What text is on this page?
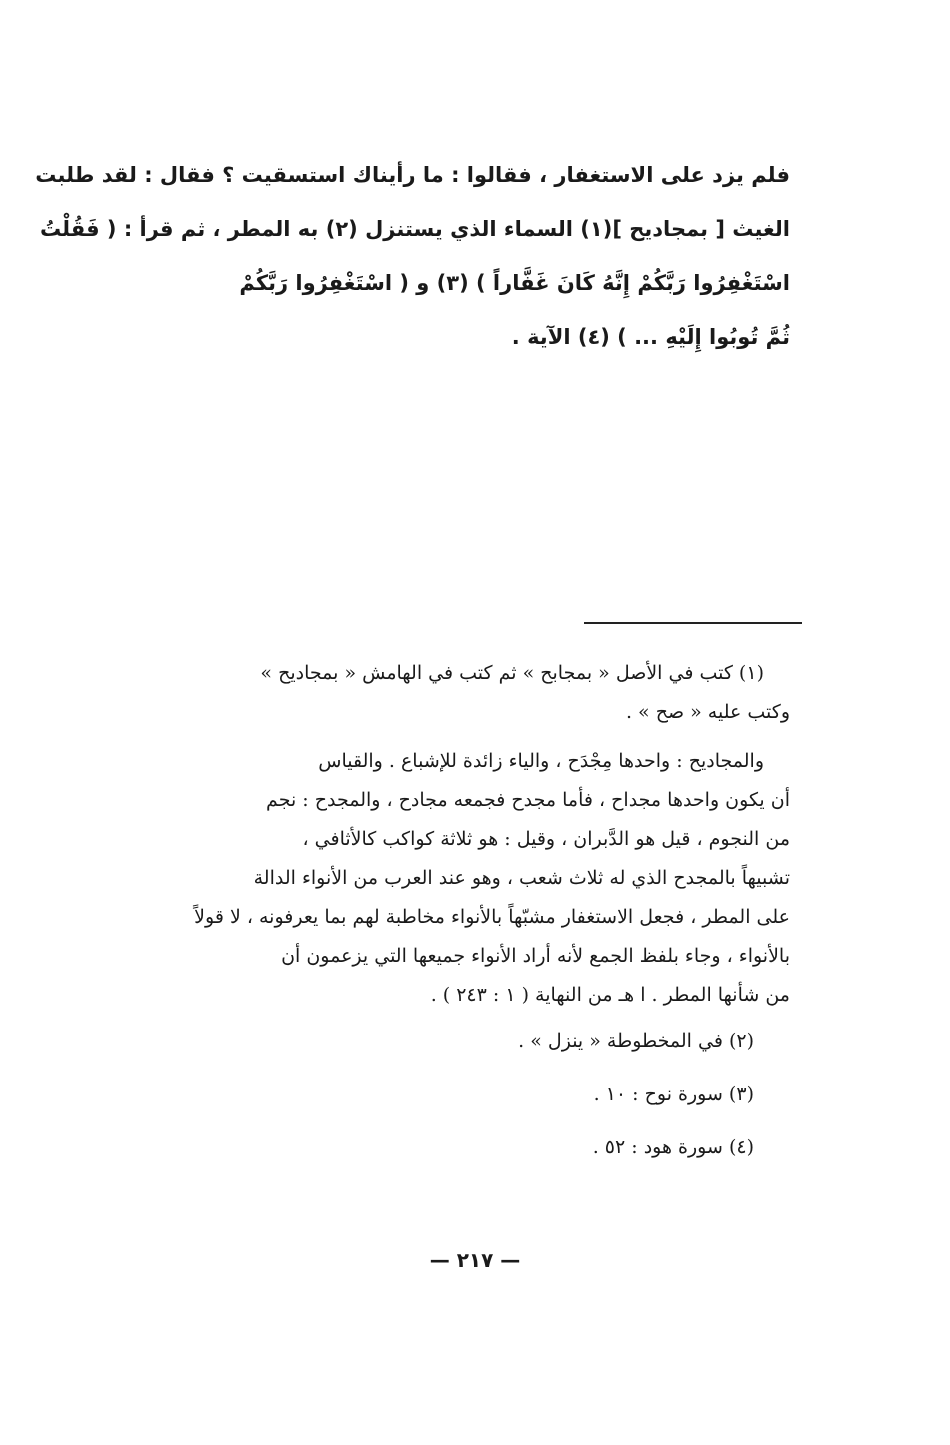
فلم يزد على الاستغفار ، فقالوا : ما رأيناك استسقيت ؟ فقال : لقد طلبت
الغيث [ بمجاديح ](١) السماء الذي يستنزل (٢) به المطر ، ثم قرأ : ( فَقُلْتُ
اسْتَغْفِرُوا رَبَّكُمْ إِنَّهُ كَانَ غَفَّاراً ) (٣) و ( اسْتَغْفِرُوا رَبَّكُمْ
ثُمَّ تُوبُوا إِلَيْهِ ... ) (٤) الآية .
(١) كتب في الأصل « بمجابح » ثم كتب في الهامش « بمجاديح »
وكتب عليه « صح » .
والمجاديح : واحدها مِجْدَح ، والياء زائدة للإشباع . والقياس
أن يكون واحدها مجداح ، فأما مجدح فجمعه مجادح ، والمجدح : نجم
من النجوم ، قيل هو الدَّبران ، وقيل : هو ثلاثة كواكب كالأثافي ،
تشبيهاً بالمجدح الذي له ثلاث شعب ، وهو عند العرب من الأنواء الدالة
على المطر ، فجعل الاستغفار مشبّهاً بالأنواء مخاطبة لهم بما يعرفونه ، لا قولاً
بالأنواء ، وجاء بلفظ الجمع لأنه أراد الأنواء جميعها التي يزعمون أن
من شأنها المطر . ا هـ من النهاية ( ١ : ٢٤٣ ) .
(٢) في المخطوطة « ينزل » .
(٣) سورة نوح : ١٠ .
(٤) سورة هود : ٥٢ .
— ٢١٧ —
